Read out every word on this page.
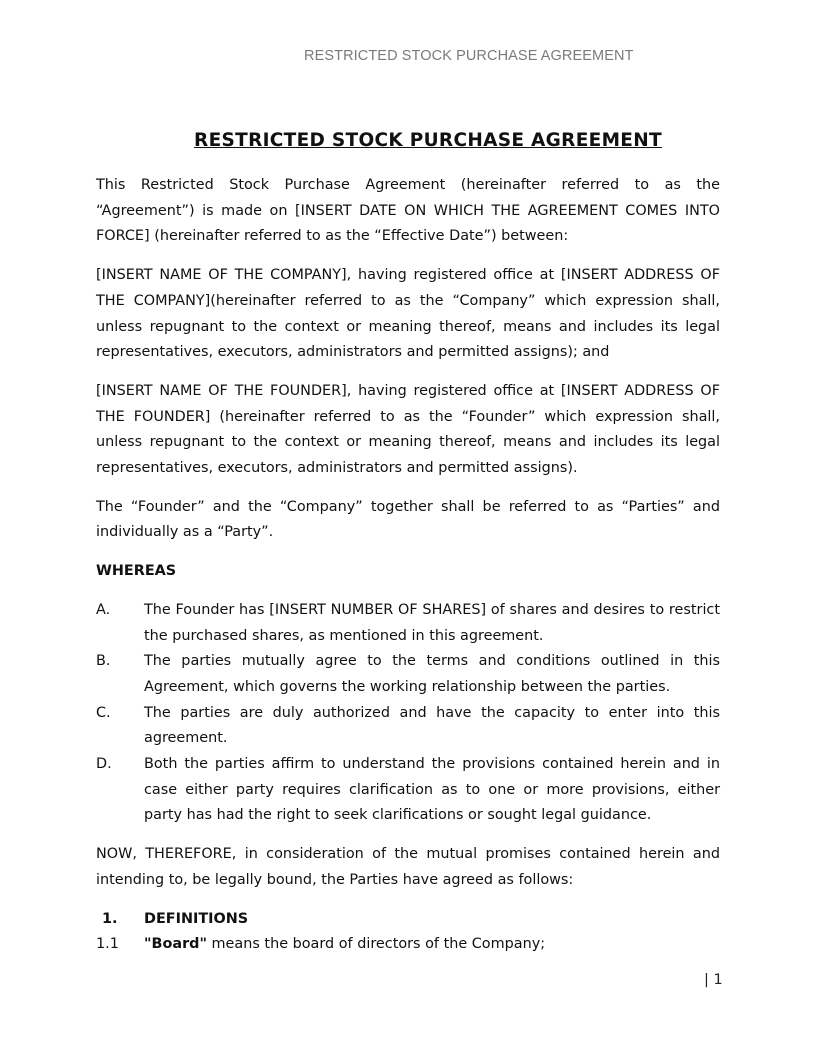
RESTRICTED STOCK PURCHASE AGREEMENT
RESTRICTED STOCK PURCHASE AGREEMENT

This Restricted Stock Purchase Agreement (hereinafter referred to as the “Agreement”) is made on [INSERT DATE ON WHICH THE AGREEMENT COMES INTO FORCE] (hereinafter referred to as the “Effective Date”) between:

[INSERT NAME OF THE COMPANY], having registered office at [INSERT ADDRESS OF THE COMPANY](hereinafter referred to as the “Company” which expression shall, unless repugnant to the context or meaning thereof, means and includes its legal representatives, executors, administrators and permitted assigns); and

[INSERT NAME OF THE FOUNDER], having registered office at [INSERT ADDRESS OF THE FOUNDER] (hereinafter referred to as the “Founder” which expression shall, unless repugnant to the context or meaning thereof, means and includes its legal representatives, executors, administrators and permitted assigns).

The “Founder” and the “Company” together shall be referred to as “Parties” and individually as a “Party”.

WHEREAS
A.	The Founder has [INSERT NUMBER OF SHARES] of shares and desires to restrict the purchased shares, as mentioned in this agreement.
B.	The parties mutually agree to the terms and conditions outlined in this Agreement, which governs the working relationship between the parties.
C.	The parties are duly authorized and have the capacity to enter into this agreement.
D.	Both the parties affirm to understand the provisions contained herein and in case either party requires clarification as to one or more provisions, either party has had the right to seek clarifications or sought legal guidance.

NOW, THEREFORE, in consideration of the mutual promises contained herein and intending to, be legally bound, the Parties have agreed as follows:

1.	DEFINITIONS
1.1	"Board" means the board of directors of the Company;
| 1
